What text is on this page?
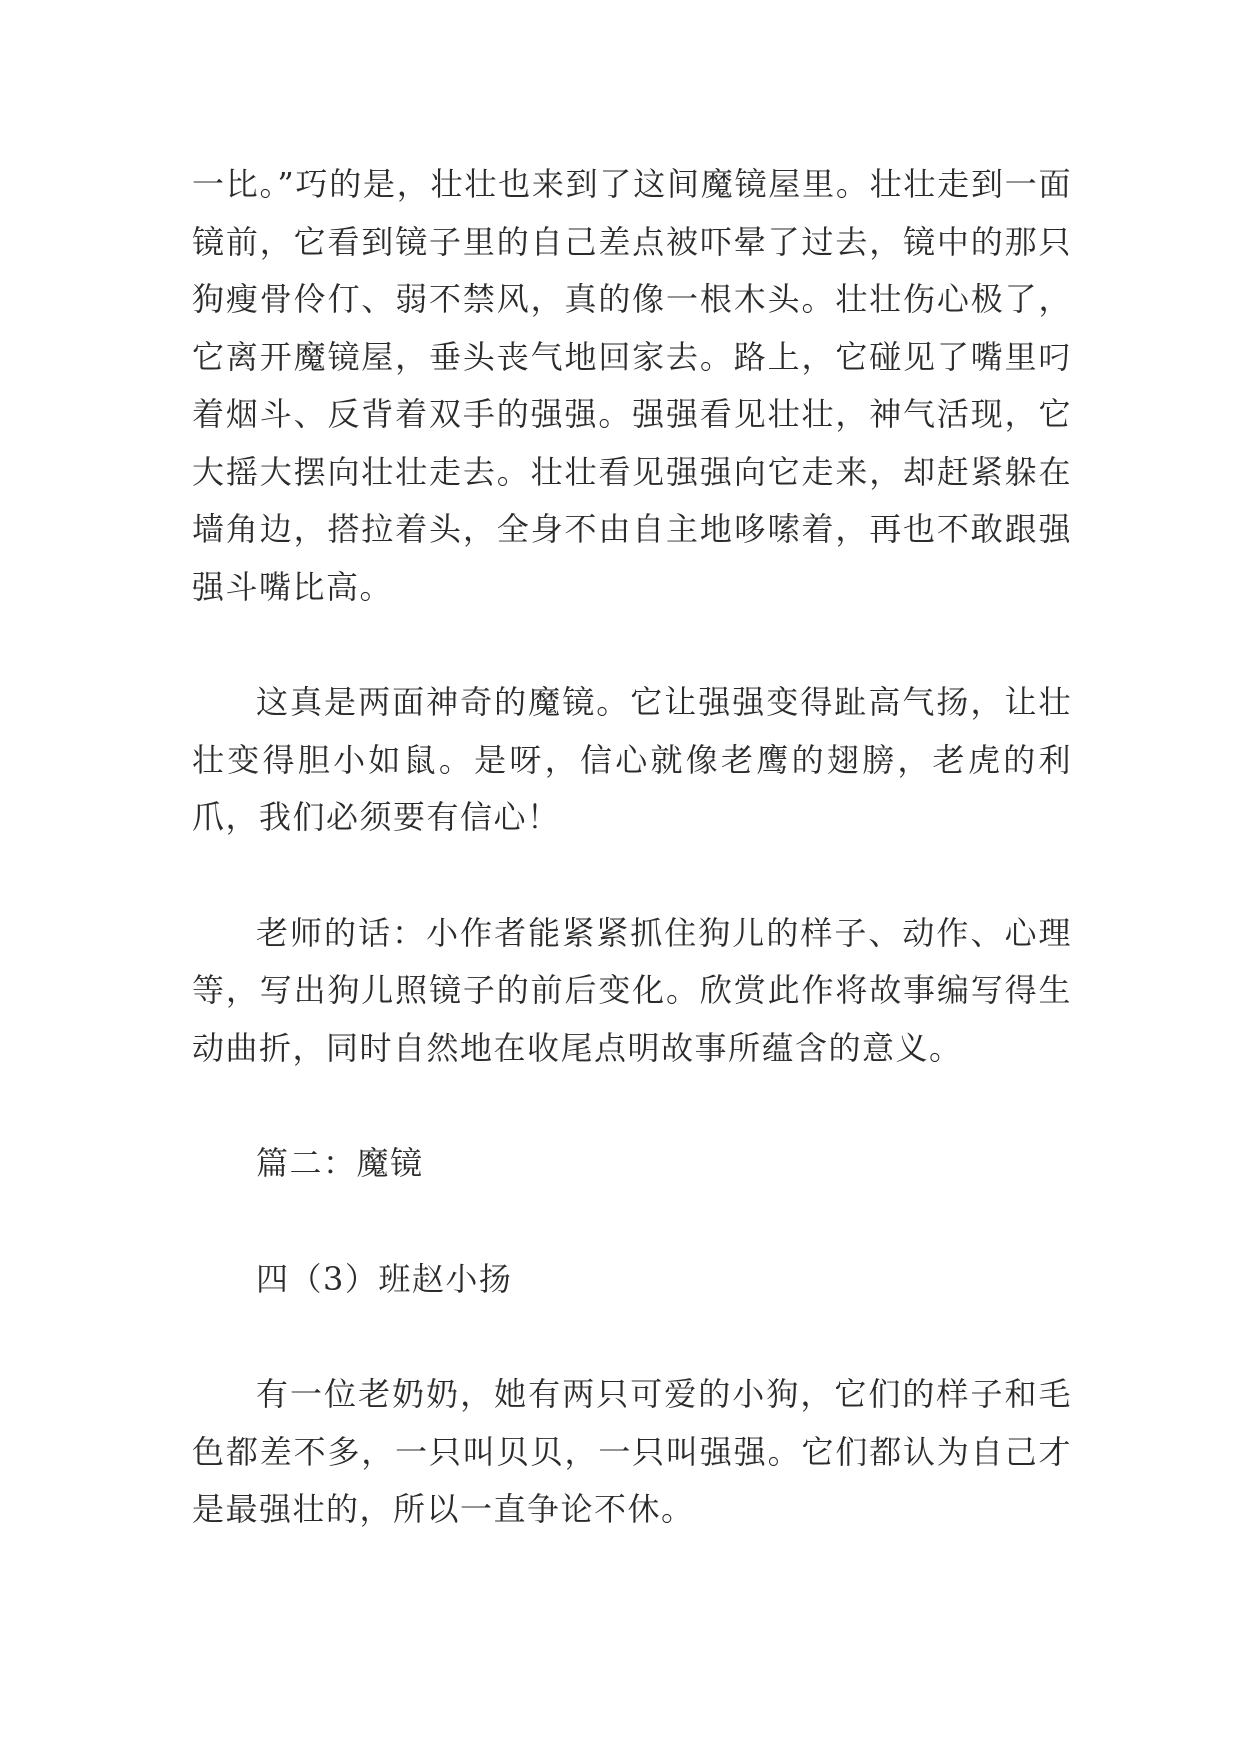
一比。”巧的是，壮壮也来到了这间魔镜屋里。壮壮走到一面镜前，它看到镜子里的自己差点被吓晕了过去，镜中的那只狗瘦骨伶仃、弱不禁风，真的像一根木头。壮壮伤心极了，它离开魔镜屋，垂头丧气地回家去。路上，它碰见了嘴里叼着烟斗、反背着双手的强强。强强看见壮壮，神气活现，它大摇大摆向壮壮走去。壮壮看见强强向它走来，却赶紧躲在墙角边，搭拉着头，全身不由自主地哆嗦着，再也不敢跟强强斗嘴比高。

这真是两面神奇的魔镜。它让强强变得趾高气扬，让壮壮变得胆小如鼠。是呀，信心就像老鹰的翅膀，老虎的利爪，我们必须要有信心！

老师的话：小作者能紧紧抓住狗儿的样子、动作、心理等，写出狗儿照镜子的前后变化。欣赏此作将故事编写得生动曲折，同时自然地在收尾点明故事所蕴含的意义。

篇二：魔镜

四（3）班赵小扬

有一位老奶奶，她有两只可爱的小狗，它们的样子和毛色都差不多，一只叫贝贝，一只叫强强。它们都认为自己才是最强壮的，所以一直争论不休。
